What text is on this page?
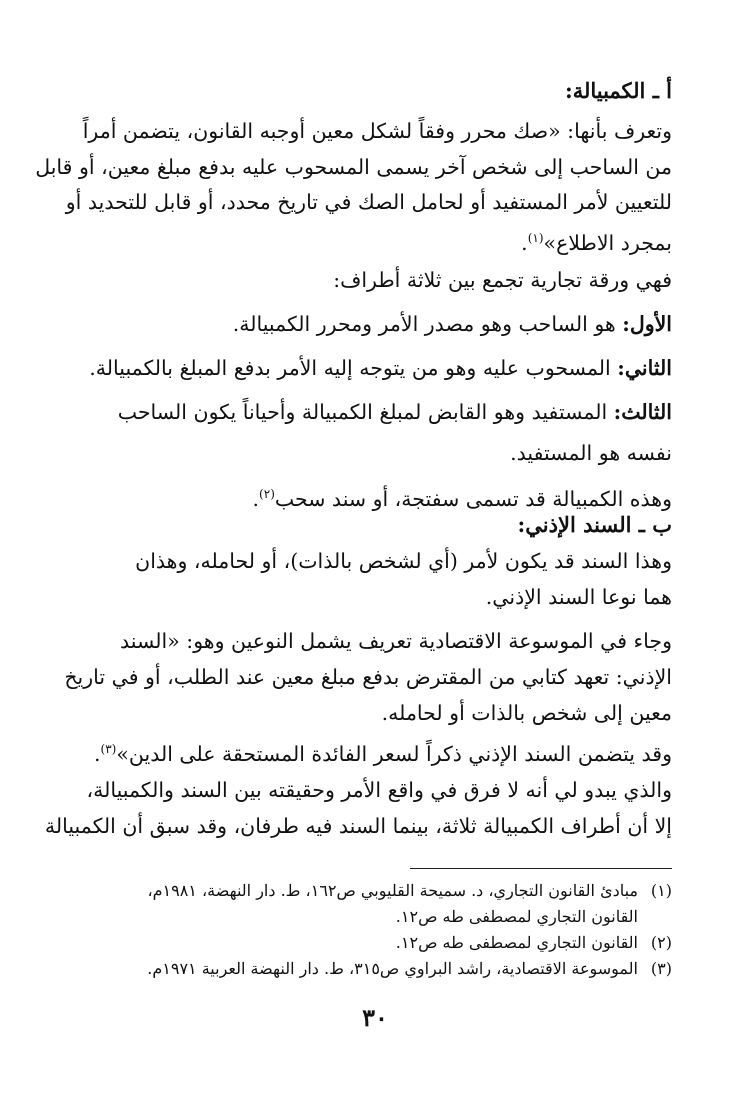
أ ـ الكمبيالة:
وتعرف بأنها: «صك محرر وفقاً لشكل معين أوجبه القانون، يتضمن أمراً
من الساحب إلى شخص آخر يسمى المسحوب عليه بدفع مبلغ معين، أو قابل
للتعيين لأمر المستفيد أو لحامل الصك في تاريخ محدد، أو قابل للتحديد أو
بمجرد الاطلاع»$^{(١)}$.
فهي ورقة تجارية تجمع بين ثلاثة أطراف:
الأول: هو الساحب وهو مصدر الأمر ومحرر الكمبيالة.
الثاني: المسحوب عليه وهو من يتوجه إليه الأمر بدفع المبلغ بالكمبيالة.
الثالث: المستفيد وهو القابض لمبلغ الكمبيالة وأحياناً يكون الساحب
نفسه هو المستفيد.
وهذه الكمبيالة قد تسمى سفتجة، أو سند سحب$^{(٢)}$.
ب ـ السند الإذني:
وهذا السند قد يكون لأمر (أي لشخص بالذات)، أو لحامله، وهذان
هما نوعا السند الإذني.
وجاء في الموسوعة الاقتصادية تعريف يشمل النوعين وهو: «السند
الإذني: تعهد كتابي من المقترض بدفع مبلغ معين عند الطلب، أو في تاريخ
معين إلى شخص بالذات أو لحامله.
وقد يتضمن السند الإذني ذكراً لسعر الفائدة المستحقة على الدين»$^{(٣)}$.
والذي يبدو لي أنه لا فرق في واقع الأمر وحقيقته بين السند والكمبيالة،
إلا أن أطراف الكمبيالة ثلاثة، بينما السند فيه طرفان، وقد سبق أن الكمبيالة
(١)مبادئ القانون التجاري، د. سميحة القليوبي ص١٦٢، ط. دار النهضة، ١٩٨١م،
القانون التجاري لمصطفى طه ص١٢.
(٢)القانون التجاري لمصطفى طه ص١٢.
(٣)الموسوعة الاقتصادية، راشد البراوي ص٣١٥، ط. دار النهضة العربية ١٩٧١م.
٣٠
